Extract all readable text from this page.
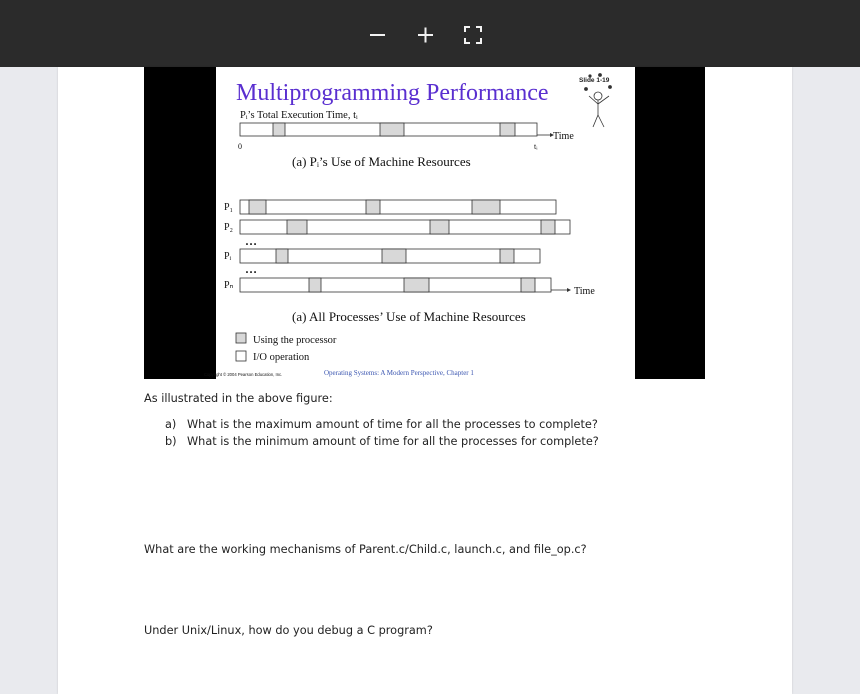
Multiprogramming Performance	Slide 1-19
Pᵢ’s Total Execution Time, tᵢ
Time
0	tᵢ
(a) Pᵢ’s Use of Machine Resources
Time
P₁
P₂
…
Pᵢ
…
Pₙ
(a) All Processes’ Use of Machine Resources
Using the processor
I/O operation
Copyright © 2004 Pearson Education, Inc.	Operating Systems: A Modern Perspective, Chapter 1
As illustrated in the above figure:
a) What is the maximum amount of time for all the processes to complete?
b) What is the minimum amount of time for all the processes for complete?
What are the working mechanisms of Parent.c/Child.c, launch.c, and file_op.c?
Under Unix/Linux, how do you debug a C program?
